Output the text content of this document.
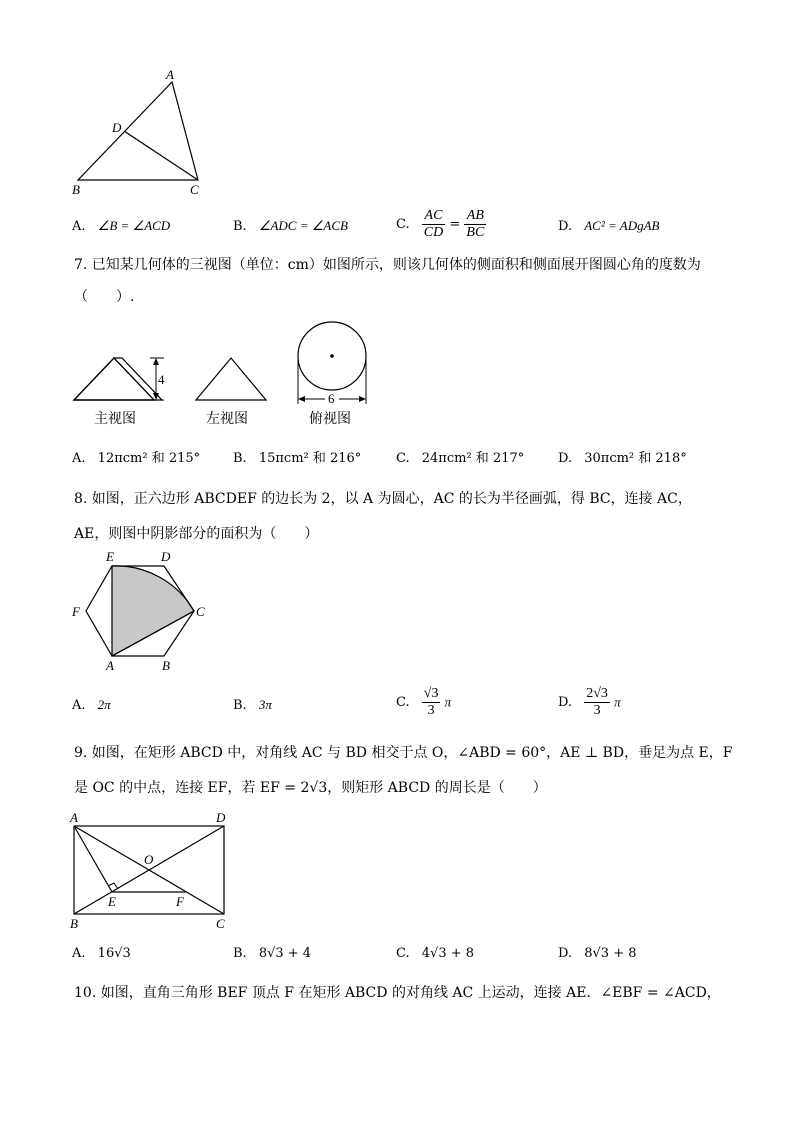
A
D
B	C
A. ∠B = ∠ACD	B. ∠ADC = ∠ACB	C. $\frac{AC}{CD} = \frac{AB}{BC}$	D. AC² = ADgAB
7. 已知某几何体的三视图（单位：cm）如图所示，则该几何体的侧面积和侧面展开图圆心角的度数为
（　　）.
4
6
主视图	左视图	俯视图
A. 12πcm² 和 215°	B. 15πcm² 和 216°	C. 24πcm² 和 217°	D. 30πcm² 和 218°
8. 如图，正六边形 ABCDEF 的边长为 2，以 A 为圆心，AC 的长为半径画弧，得 BC，连接 AC，
AE，则图中阴影部分的面积为（　　）
E	D
F	C
A	B
A. 2π	B. 3π	C. $\frac{√3}{3}$ π	D. $\frac{2√3}{3}$ π
9. 如图，在矩形 ABCD 中，对角线 AC 与 BD 相交于点 O，∠ABD = 60°，AE ⊥ BD，垂足为点 E，F
是 OC 的中点，连接 EF，若 EF = 2√3，则矩形 ABCD 的周长是（　　）
A	D
O
E	F
B	C
A. 16√3	B. 8√3 + 4	C. 4√3 + 8	D. 8√3 + 8
10. 如图，直角三角形 BEF 顶点 F 在矩形 ABCD 的对角线 AC 上运动，连接 AE．∠EBF = ∠ACD，
